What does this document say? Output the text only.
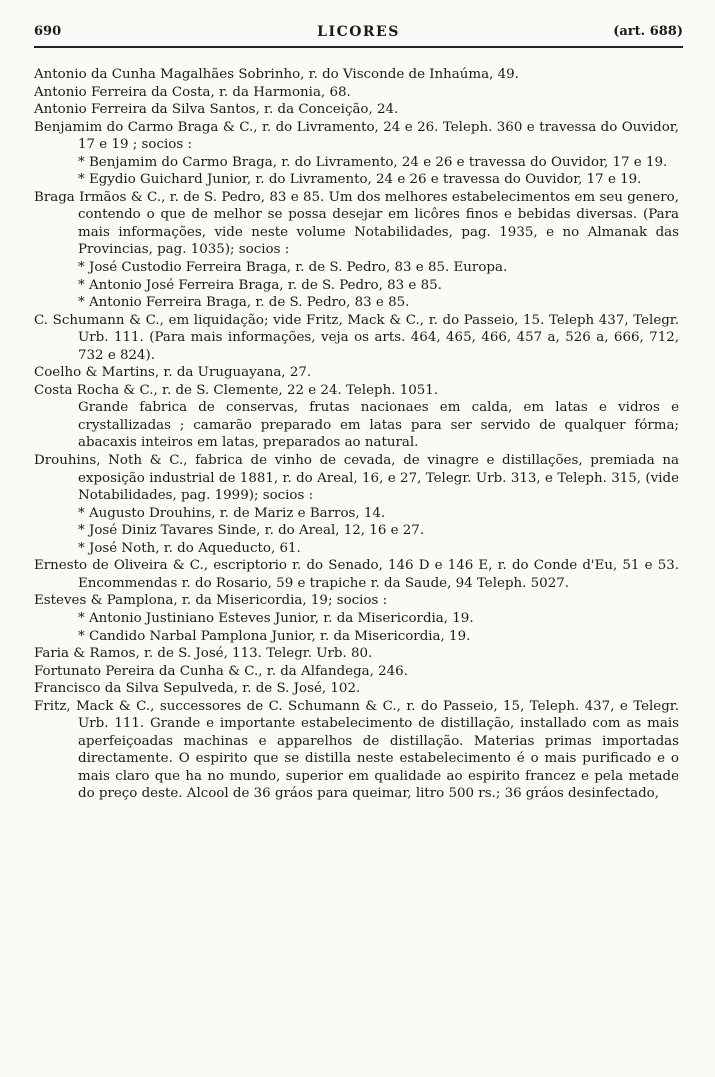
690	LICORES	(art. 688)
Antonio da Cunha Magalhães Sobrinho, r. do Visconde de Inhaúma, 49.
Antonio Ferreira da Costa, r. da Harmonia, 68.
Antonio Ferreira da Silva Santos, r. da Conceição, 24.
Benjamim do Carmo Braga & C., r. do Livramento, 24 e 26. Teleph. 360 e travessa do Ouvidor, 17 e 19 ; socios :
* Benjamim do Carmo Braga, r. do Livramento, 24 e 26 e travessa do Ouvidor, 17 e 19.
* Egydio Guichard Junior, r. do Livramento, 24 e 26 e travessa do Ouvidor, 17 e 19.
Braga Irmãos & C., r. de S. Pedro, 83 e 85. Um dos melhores estabelecimentos em seu genero, contendo o que de melhor se possa desejar em licôres finos e bebidas diversas. (Para mais informações, vide neste volume Notabilidades, pag. 1935, e no Almanak das Provincias, pag. 1035); socios :
* José Custodio Ferreira Braga, r. de S. Pedro, 83 e 85. Europa.
* Antonio José Ferreira Braga, r. de S. Pedro, 83 e 85.
* Antonio Ferreira Braga, r. de S. Pedro, 83 e 85.
C. Schumann & C., em liquidação; vide Fritz, Mack & C., r. do Passeio, 15. Teleph 437, Telegr. Urb. 111. (Para mais informações, veja os arts. 464, 465, 466, 457 a, 526 a, 666, 712, 732 e 824).
Coelho & Martins, r. da Uruguayana, 27.
Costa Rocha & C., r. de S. Clemente, 22 e 24. Teleph. 1051.
Grande fabrica de conservas, frutas nacionaes em calda, em latas e vidros e crystallizadas ; camarão preparado em latas para ser servido de qualquer fórma; abacaxis inteiros em latas, preparados ao natural.
Drouhins, Noth & C., fabrica de vinho de cevada, de vinagre e distillações, premiada na exposição industrial de 1881, r. do Areal, 16, e 27, Telegr. Urb. 313, e Teleph. 315, (vide Notabilidades, pag. 1999); socios :
* Augusto Drouhins, r. de Mariz e Barros, 14.
* José Diniz Tavares Sinde, r. do Areal, 12, 16 e 27.
* José Noth, r. do Aqueducto, 61.
Ernesto de Oliveira & C., escriptorio r. do Senado, 146 D e 146 E, r. do Conde d'Eu, 51 e 53. Encommendas r. do Rosario, 59 e trapiche r. da Saude, 94 Teleph. 5027.
Esteves & Pamplona, r. da Misericordia, 19; socios :
* Antonio Justiniano Esteves Junior, r. da Misericordia, 19.
* Candido Narbal Pamplona Junior, r. da Misericordia, 19.
Faria & Ramos, r. de S. José, 113. Telegr. Urb. 80.
Fortunato Pereira da Cunha & C., r. da Alfandega, 246.
Francisco da Silva Sepulveda, r. de S. José, 102.
Fritz, Mack & C., successores de C. Schumann & C., r. do Passeio, 15, Teleph. 437, e Telegr. Urb. 111. Grande e importante estabelecimento de distillação, installado com as mais aperfeiçoadas machinas e apparelhos de distillação. Materias primas importadas directamente. O espirito que se distilla neste estabelecimento é o mais purificado e o mais claro que ha no mundo, superior em qualidade ao espirito francez e pela metade do preço deste. Alcool de 36 gráos para queimar, litro 500 rs.; 36 gráos desinfectado,
